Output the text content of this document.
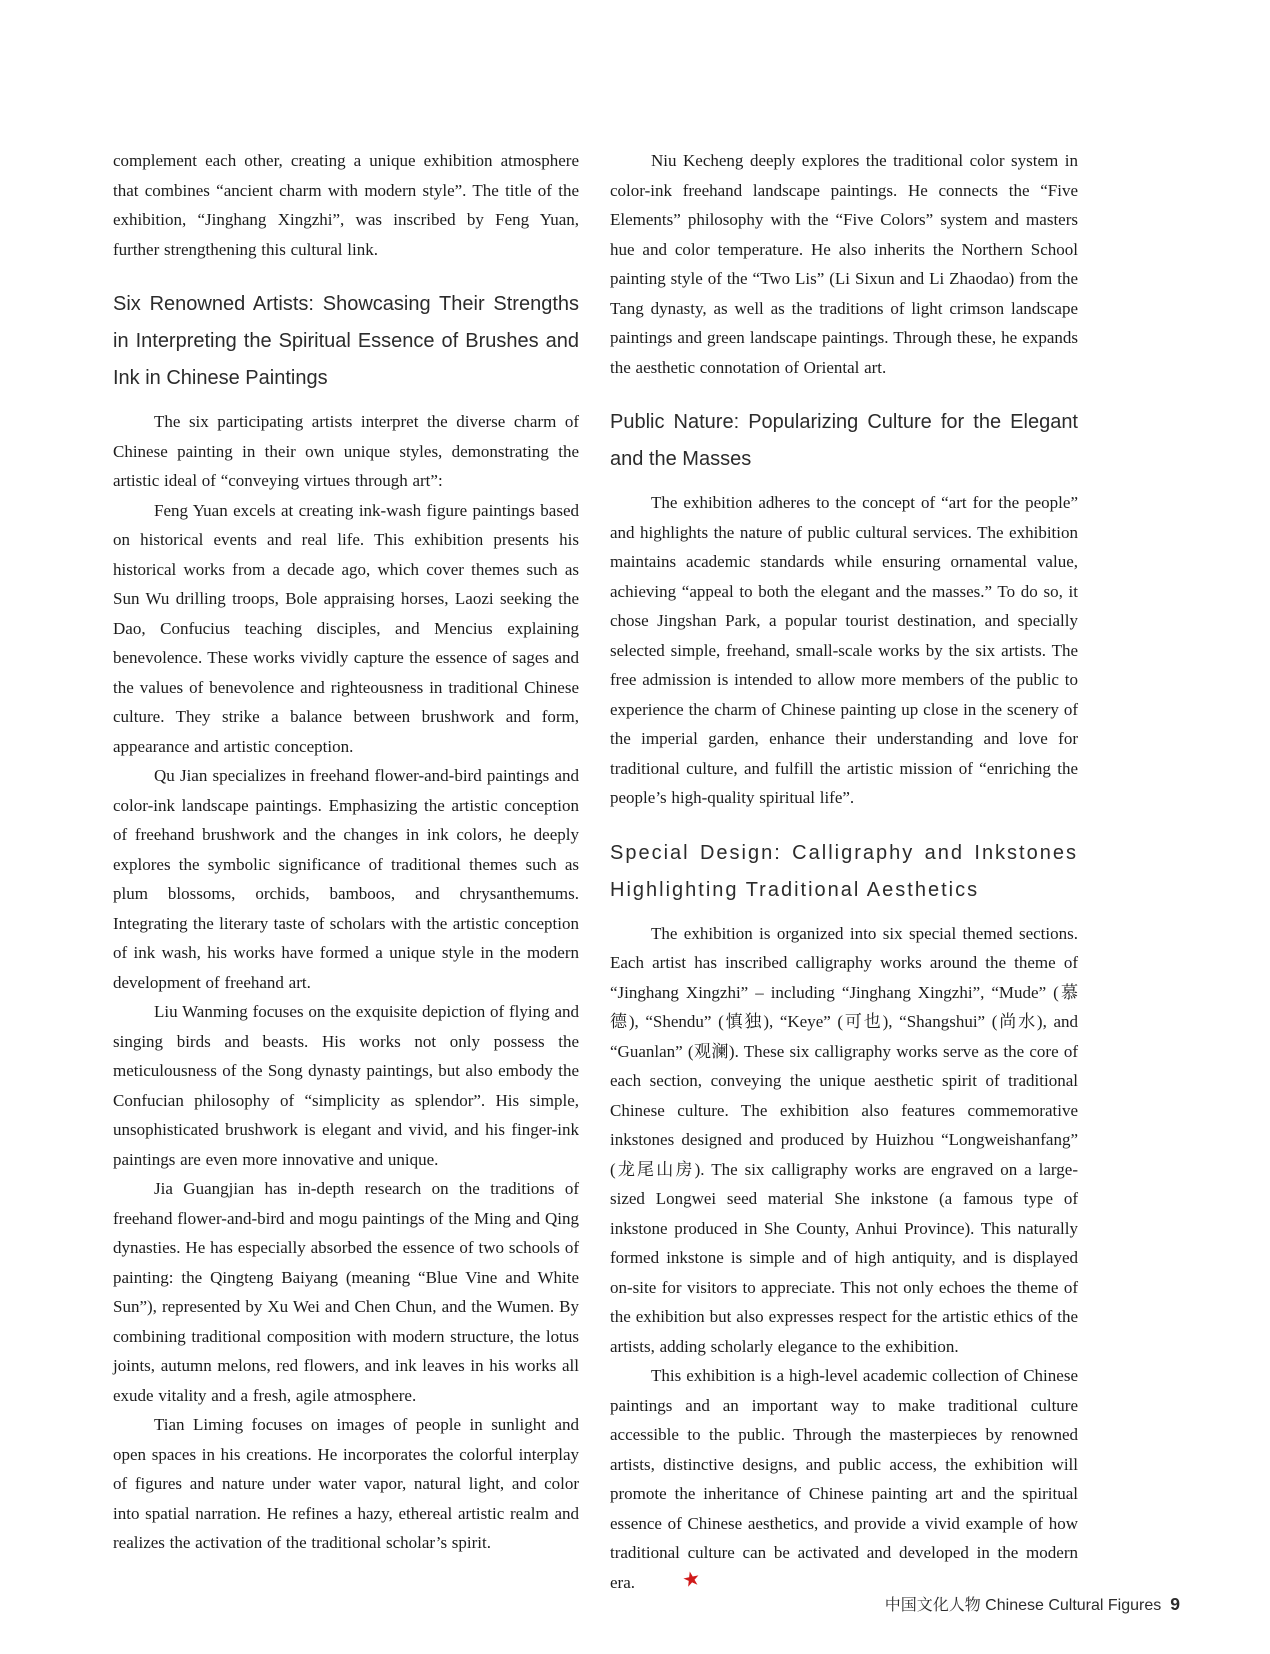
complement each other, creating a unique exhibition atmosphere that combines “ancient charm with modern style”. The title of the exhibition, “Jinghang Xingzhi”, was inscribed by Feng Yuan, further strengthening this cultural link.

Six Renowned Artists: Showcasing Their Strengths in Interpreting the Spiritual Essence of Brushes and Ink in Chinese Paintings

The six participating artists interpret the diverse charm of Chinese painting in their own unique styles, demonstrating the artistic ideal of “conveying virtues through art”:

Feng Yuan excels at creating ink-wash figure paintings based on historical events and real life. This exhibition presents his historical works from a decade ago, which cover themes such as Sun Wu drilling troops, Bole appraising horses, Laozi seeking the Dao, Confucius teaching disciples, and Mencius explaining benevolence. These works vividly capture the essence of sages and the values of benevolence and righteousness in traditional Chinese culture. They strike a balance between brushwork and form, appearance and artistic conception.

Qu Jian specializes in freehand flower-and-bird paintings and color-ink landscape paintings. Emphasizing the artistic conception of freehand brushwork and the changes in ink colors, he deeply explores the symbolic significance of traditional themes such as plum blossoms, orchids, bamboos, and chrysanthemums. Integrating the literary taste of scholars with the artistic conception of ink wash, his works have formed a unique style in the modern development of freehand art.

Liu Wanming focuses on the exquisite depiction of flying and singing birds and beasts. His works not only possess the meticulousness of the Song dynasty paintings, but also embody the Confucian philosophy of “simplicity as splendor”. His simple, unsophisticated brushwork is elegant and vivid, and his finger-ink paintings are even more innovative and unique.

Jia Guangjian has in-depth research on the traditions of freehand flower-and-bird and mogu paintings of the Ming and Qing dynasties. He has especially absorbed the essence of two schools of painting: the Qingteng Baiyang (meaning “Blue Vine and White Sun”), represented by Xu Wei and Chen Chun, and the Wumen. By combining traditional composition with modern structure, the lotus joints, autumn melons, red flowers, and ink leaves in his works all exude vitality and a fresh, agile atmosphere.

Tian Liming focuses on images of people in sunlight and open spaces in his creations. He incorporates the colorful interplay of figures and nature under water vapor, natural light, and color into spatial narration. He refines a hazy, ethereal artistic realm and realizes the activation of the traditional scholar’s spirit.

Niu Kecheng deeply explores the traditional color system in color-ink freehand landscape paintings. He connects the “Five Elements” philosophy with the “Five Colors” system and masters hue and color temperature. He also inherits the Northern School painting style of the “Two Lis” (Li Sixun and Li Zhaodao) from the Tang dynasty, as well as the traditions of light crimson landscape paintings and green landscape paintings. Through these, he expands the aesthetic connotation of Oriental art.

Public Nature: Popularizing Culture for the Elegant and the Masses

The exhibition adheres to the concept of “art for the people” and highlights the nature of public cultural services. The exhibition maintains academic standards while ensuring ornamental value, achieving “appeal to both the elegant and the masses.” To do so, it chose Jingshan Park, a popular tourist destination, and specially selected simple, freehand, small-scale works by the six artists. The free admission is intended to allow more members of the public to experience the charm of Chinese painting up close in the scenery of the imperial garden, enhance their understanding and love for traditional culture, and fulfill the artistic mission of “enriching the people’s high-quality spiritual life”.

Special Design: Calligraphy and Inkstones Highlighting Traditional Aesthetics

The exhibition is organized into six special themed sections. Each artist has inscribed calligraphy works around the theme of “Jinghang Xingzhi” – including “Jinghang Xingzhi”, “Mude” (慕德), “Shendu” (慎独), “Keye” (可也), “Shangshui” (尚水), and “Guanlan” (观澜). These six calligraphy works serve as the core of each section, conveying the unique aesthetic spirit of traditional Chinese culture. The exhibition also features commemorative inkstones designed and produced by Huizhou “Longweishanfang” (龙尾山房). The six calligraphy works are engraved on a large-sized Longwei seed material She inkstone (a famous type of inkstone produced in She County, Anhui Province). This naturally formed inkstone is simple and of high antiquity, and is displayed on-site for visitors to appreciate. This not only echoes the theme of the exhibition but also expresses respect for the artistic ethics of the artists, adding scholarly elegance to the exhibition.

This exhibition is a high-level academic collection of Chinese paintings and an important way to make traditional culture accessible to the public. Through the masterpieces by renowned artists, distinctive designs, and public access, the exhibition will promote the inheritance of Chinese painting art and the spiritual essence of Chinese aesthetics, and provide a vivid example of how traditional culture can be activated and developed in the modern era. ★

中国文化人物 Chinese Cultural Figures 9
